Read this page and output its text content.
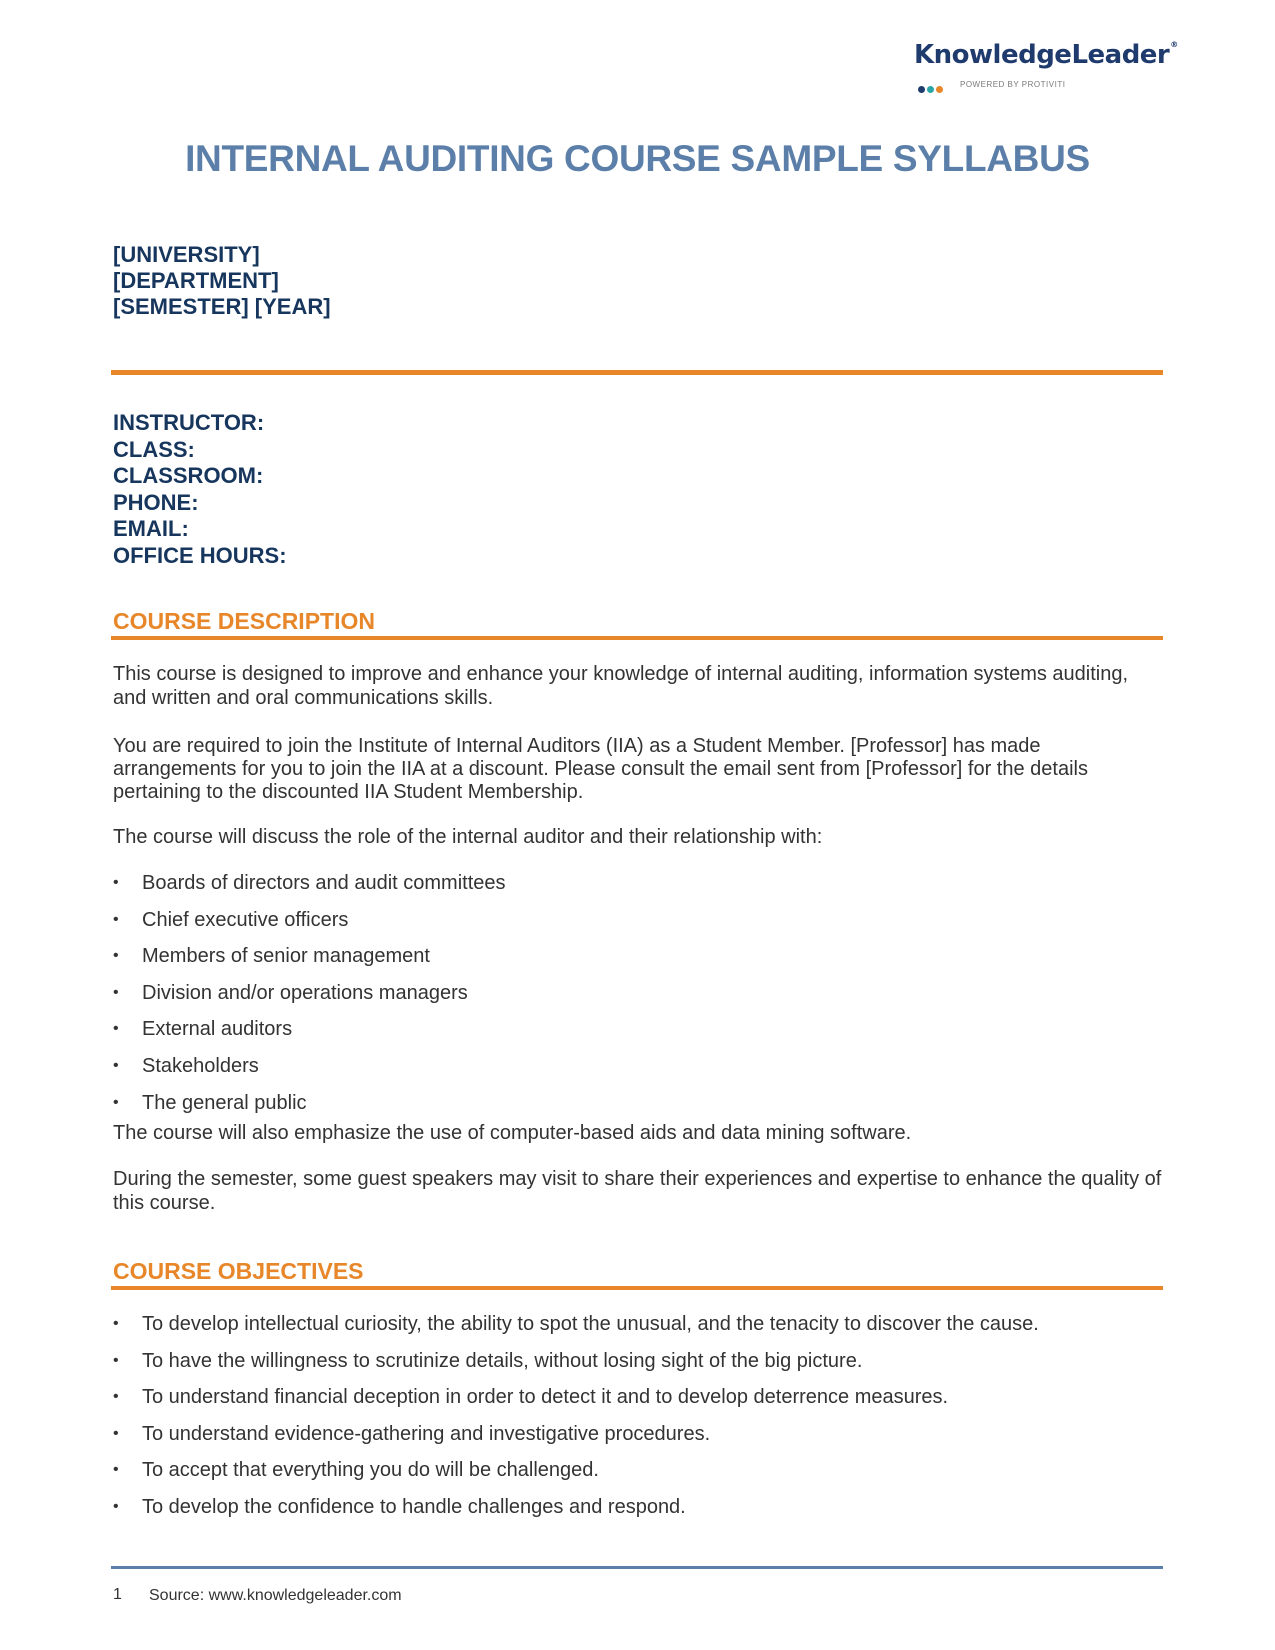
KnowledgeLeader®
POWERED BY PROTIVITI
INTERNAL AUDITING COURSE SAMPLE SYLLABUS
[UNIVERSITY]
[DEPARTMENT]
[SEMESTER] [YEAR]
INSTRUCTOR:
CLASS:
CLASSROOM:
PHONE:
EMAIL:
OFFICE HOURS:
COURSE DESCRIPTION
This course is designed to improve and enhance your knowledge of internal auditing, information systems auditing, and written and oral communications skills.
You are required to join the Institute of Internal Auditors (IIA) as a Student Member. [Professor] has made arrangements for you to join the IIA at a discount. Please consult the email sent from [Professor] for the details pertaining to the discounted IIA Student Membership.
The course will discuss the role of the internal auditor and their relationship with:
• Boards of directors and audit committees
• Chief executive officers
• Members of senior management
• Division and/or operations managers
• External auditors
• Stakeholders
• The general public
The course will also emphasize the use of computer-based aids and data mining software.
During the semester, some guest speakers may visit to share their experiences and expertise to enhance the quality of this course.
COURSE OBJECTIVES
• To develop intellectual curiosity, the ability to spot the unusual, and the tenacity to discover the cause.
• To have the willingness to scrutinize details, without losing sight of the big picture.
• To understand financial deception in order to detect it and to develop deterrence measures.
• To understand evidence-gathering and investigative procedures.
• To accept that everything you do will be challenged.
• To develop the confidence to handle challenges and respond.
1 Source: www.knowledgeleader.com
